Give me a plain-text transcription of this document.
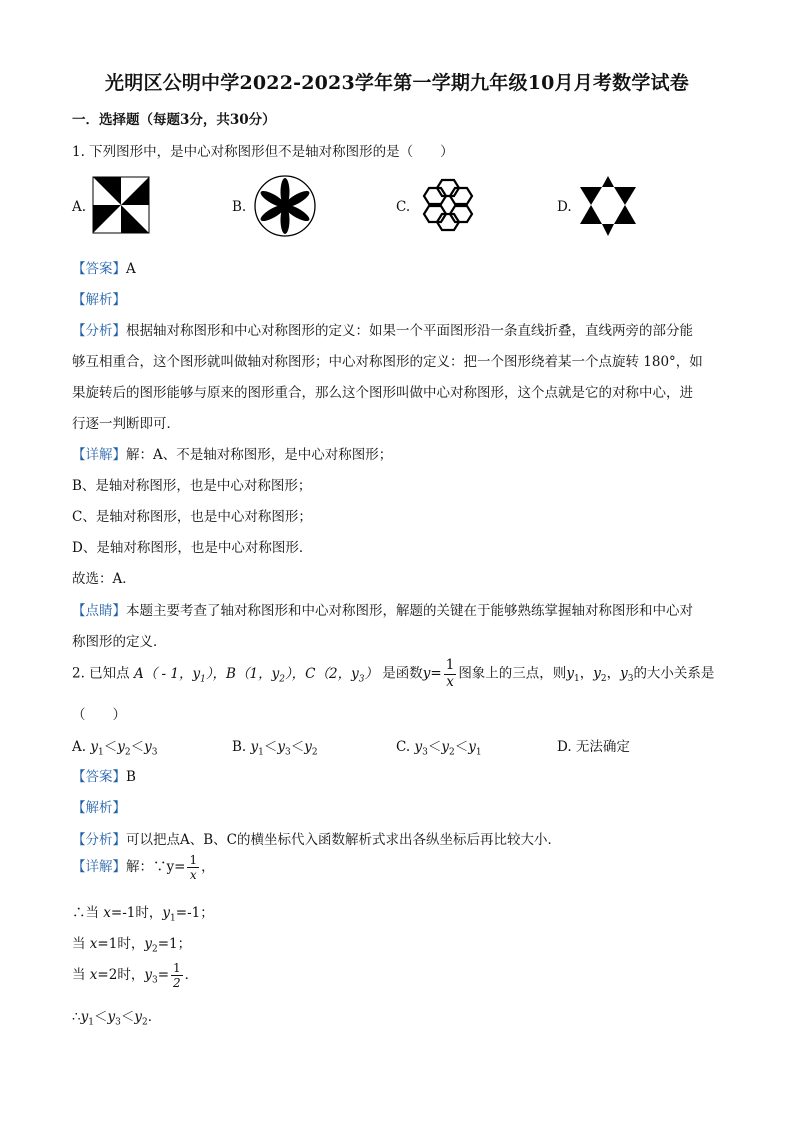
光明区公明中学2022-2023学年第一学期九年级10月月考数学试卷
一．选择题（每题3分，共30分）
1. 下列图形中，是中心对称图形但不是轴对称图形的是（　　）
A.	B.	C.	D.
【答案】A
【解析】
【分析】根据轴对称图形和中心对称图形的定义：如果一个平面图形沿一条直线折叠，直线两旁的部分能
够互相重合，这个图形就叫做轴对称图形；中心对称图形的定义：把一个图形绕着某一个点旋转 180°，如
果旋转后的图形能够与原来的图形重合，那么这个图形叫做中心对称图形，这个点就是它的对称中心，进
行逐一判断即可．
【详解】解：A、不是轴对称图形，是中心对称图形；
B、是轴对称图形，也是中心对称图形；
C、是轴对称图形，也是中心对称图形；
D、是轴对称图形，也是中心对称图形．
故选：A．
【点睛】本题主要考查了轴对称图形和中心对称图形，解题的关键在于能够熟练掌握轴对称图形和中心对
称图形的定义．
2. 已知点 A（ - 1，$y_1$），B（1，$y_2$），C（2，$y_3$） 是函数$y= \frac{1}{x}$ 图象上的三点，则$y_1$，$y_2$，$y_3$的大小关系是
（　　）
A. $y_1<y_2<y_3$	B. $y_1<y_3<y_2$	C. $y_3<y_2<y_1$	D. 无法确定
【答案】B
【解析】
【分析】可以把点A、B、C的横坐标代入函数解析式求出各纵坐标后再比较大小．
【详解】解：∵y= $\frac{1}{x}$ ，
∴当 x=-1时，$y_1=-1$；
当 x=1时，$y_2=1$；
当 x=2时，$y_3= \frac{1}{2}$ ．
$\therefore y_1<y_3<y_2$．
